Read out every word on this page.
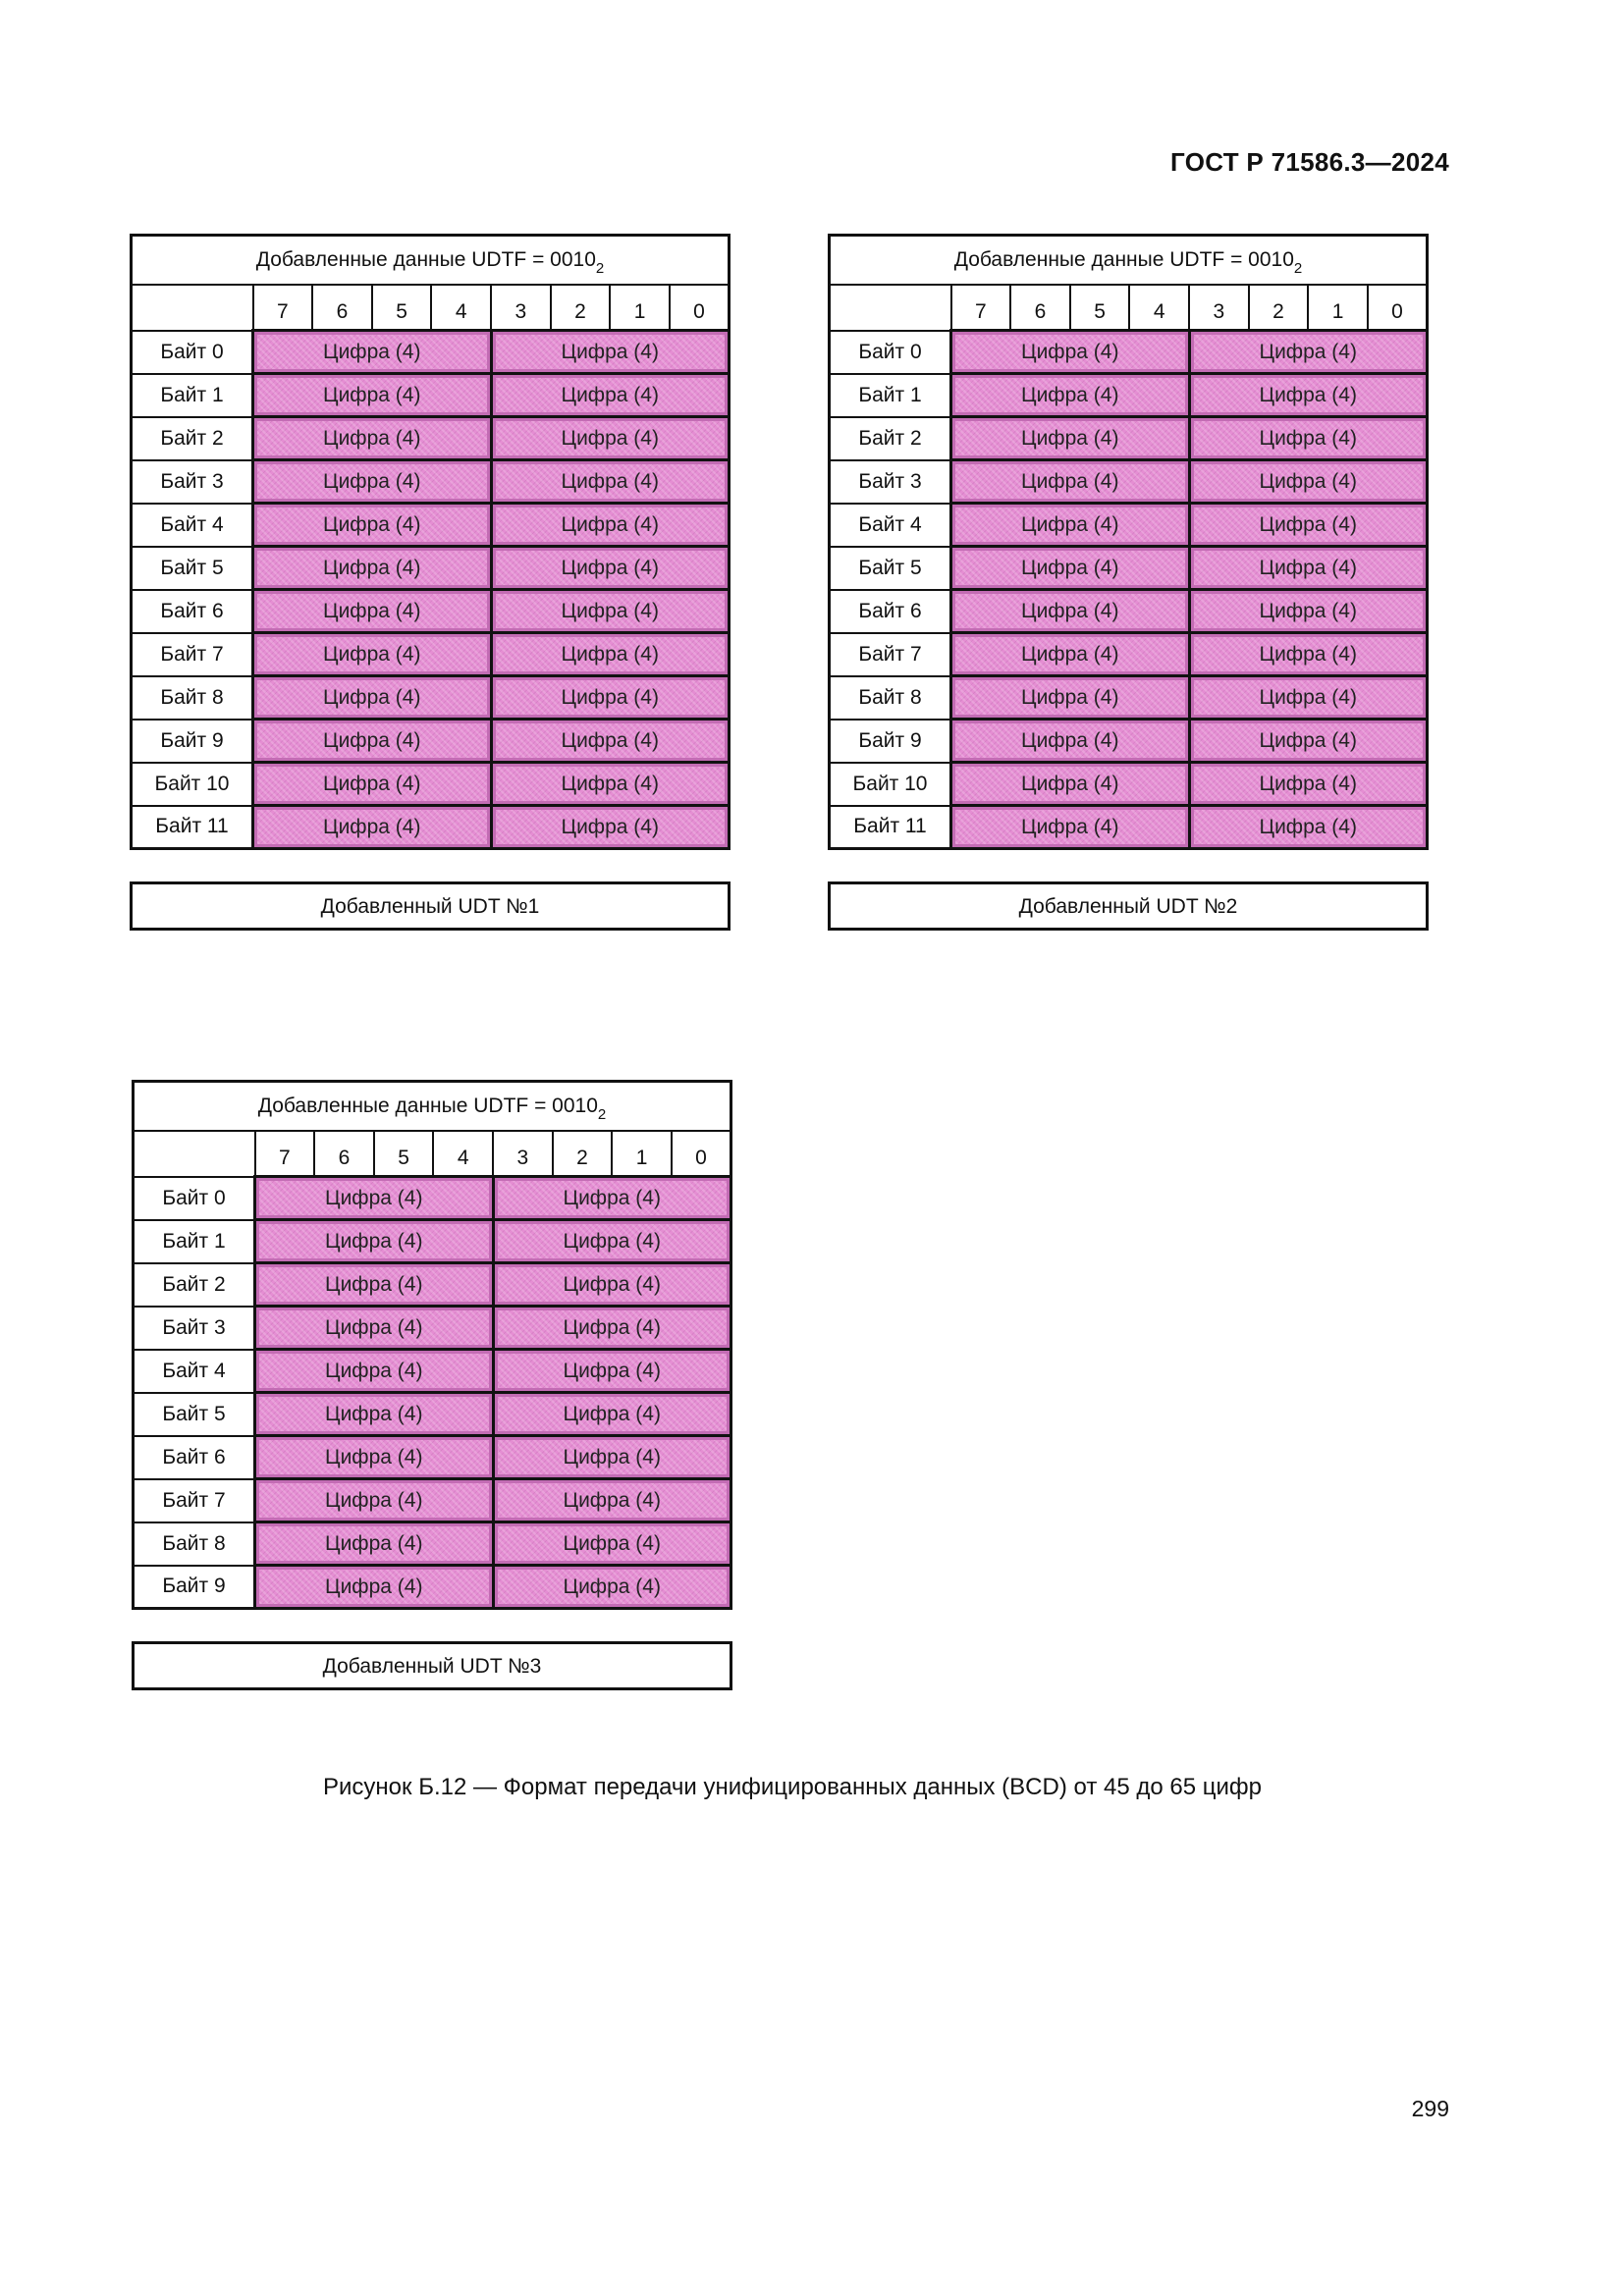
ГОСТ Р 71586.3—2024
Добавленные данные UDTF = $0010_2$
	7	6	5	4	3	2	1	0
Байт 0	Цифра (4)				Цифра (4)			
Байт 1	Цифра (4)				Цифра (4)			
Байт 2	Цифра (4)				Цифра (4)			
Байт 3	Цифра (4)				Цифра (4)			
Байт 4	Цифра (4)				Цифра (4)			
Байт 5	Цифра (4)				Цифра (4)			
Байт 6	Цифра (4)				Цифра (4)			
Байт 7	Цифра (4)				Цифра (4)			
Байт 8	Цифра (4)				Цифра (4)			
Байт 9	Цифра (4)				Цифра (4)			
Байт 10	Цифра (4)				Цифра (4)			
Байт 11	Цифра (4)				Цифра (4)			
Добавленный UDT №1
Добавленные данные UDTF = $0010_2$
	7	6	5	4	3	2	1	0
Байт 0	Цифра (4)				Цифра (4)			
Байт 1	Цифра (4)				Цифра (4)			
Байт 2	Цифра (4)				Цифра (4)			
Байт 3	Цифра (4)				Цифра (4)			
Байт 4	Цифра (4)				Цифра (4)			
Байт 5	Цифра (4)				Цифра (4)			
Байт 6	Цифра (4)				Цифра (4)			
Байт 7	Цифра (4)				Цифра (4)			
Байт 8	Цифра (4)				Цифра (4)			
Байт 9	Цифра (4)				Цифра (4)			
Байт 10	Цифра (4)				Цифра (4)			
Байт 11	Цифра (4)				Цифра (4)			
Добавленный UDT №2
Добавленные данные UDTF = $0010_2$
	7	6	5	4	3	2	1	0
Байт 0	Цифра (4)				Цифра (4)			
Байт 1	Цифра (4)				Цифра (4)			
Байт 2	Цифра (4)				Цифра (4)			
Байт 3	Цифра (4)				Цифра (4)			
Байт 4	Цифра (4)				Цифра (4)			
Байт 5	Цифра (4)				Цифра (4)			
Байт 6	Цифра (4)				Цифра (4)			
Байт 7	Цифра (4)				Цифра (4)			
Байт 8	Цифра (4)				Цифра (4)			
Байт 9	Цифра (4)				Цифра (4)			
Добавленный UDT №3
Рисунок Б.12 — Формат передачи унифицированных данных (BCD) от 45 до 65 цифр
299
